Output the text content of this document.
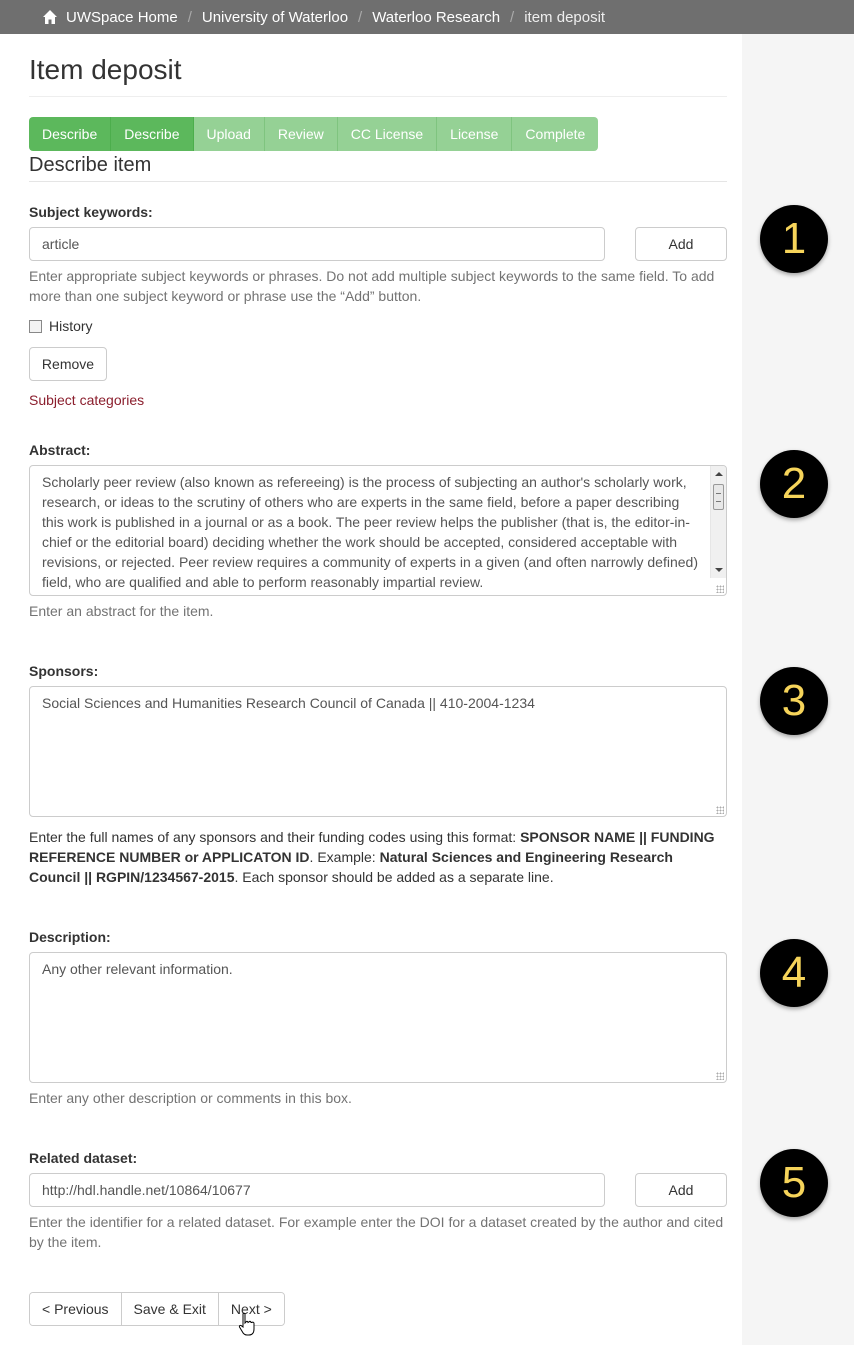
UWSpace Home / University of Waterloo / Waterloo Research / item deposit
Item deposit
Describe	Describe	Upload	Review	CC License	License	Complete
Describe item
Subject keywords:
article	Add
Enter appropriate subject keywords or phrases. Do not add multiple subject keywords to the same field. To add more than one subject keyword or phrase use the “Add” button.
History
Remove
Subject categories
Abstract:
Scholarly peer review (also known as refereeing) is the process of subjecting an author's scholarly work, research, or ideas to the scrutiny of others who are experts in the same field, before a paper describing this work is published in a journal or as a book. The peer review helps the publisher (that is, the editor-in-chief or the editorial board) deciding whether the work should be accepted, considered acceptable with revisions, or rejected. Peer review requires a community of experts in a given (and often narrowly defined) field, who are qualified and able to perform reasonably impartial review.
Enter an abstract for the item.
Sponsors:
Social Sciences and Humanities Research Council of Canada || 410-2004-1234
Enter the full names of any sponsors and their funding codes using this format: SPONSOR NAME || FUNDING REFERENCE NUMBER or APPLICATON ID. Example: Natural Sciences and Engineering Research Council || RGPIN/1234567-2015. Each sponsor should be added as a separate line.
Description:
Any other relevant information.
Enter any other description or comments in this box.
Related dataset:
http://hdl.handle.net/10864/10677	Add
Enter the identifier for a related dataset. For example enter the DOI for a dataset created by the author and cited by the item.
< Previous	Save & Exit	Next >
1
2
3
4
5
